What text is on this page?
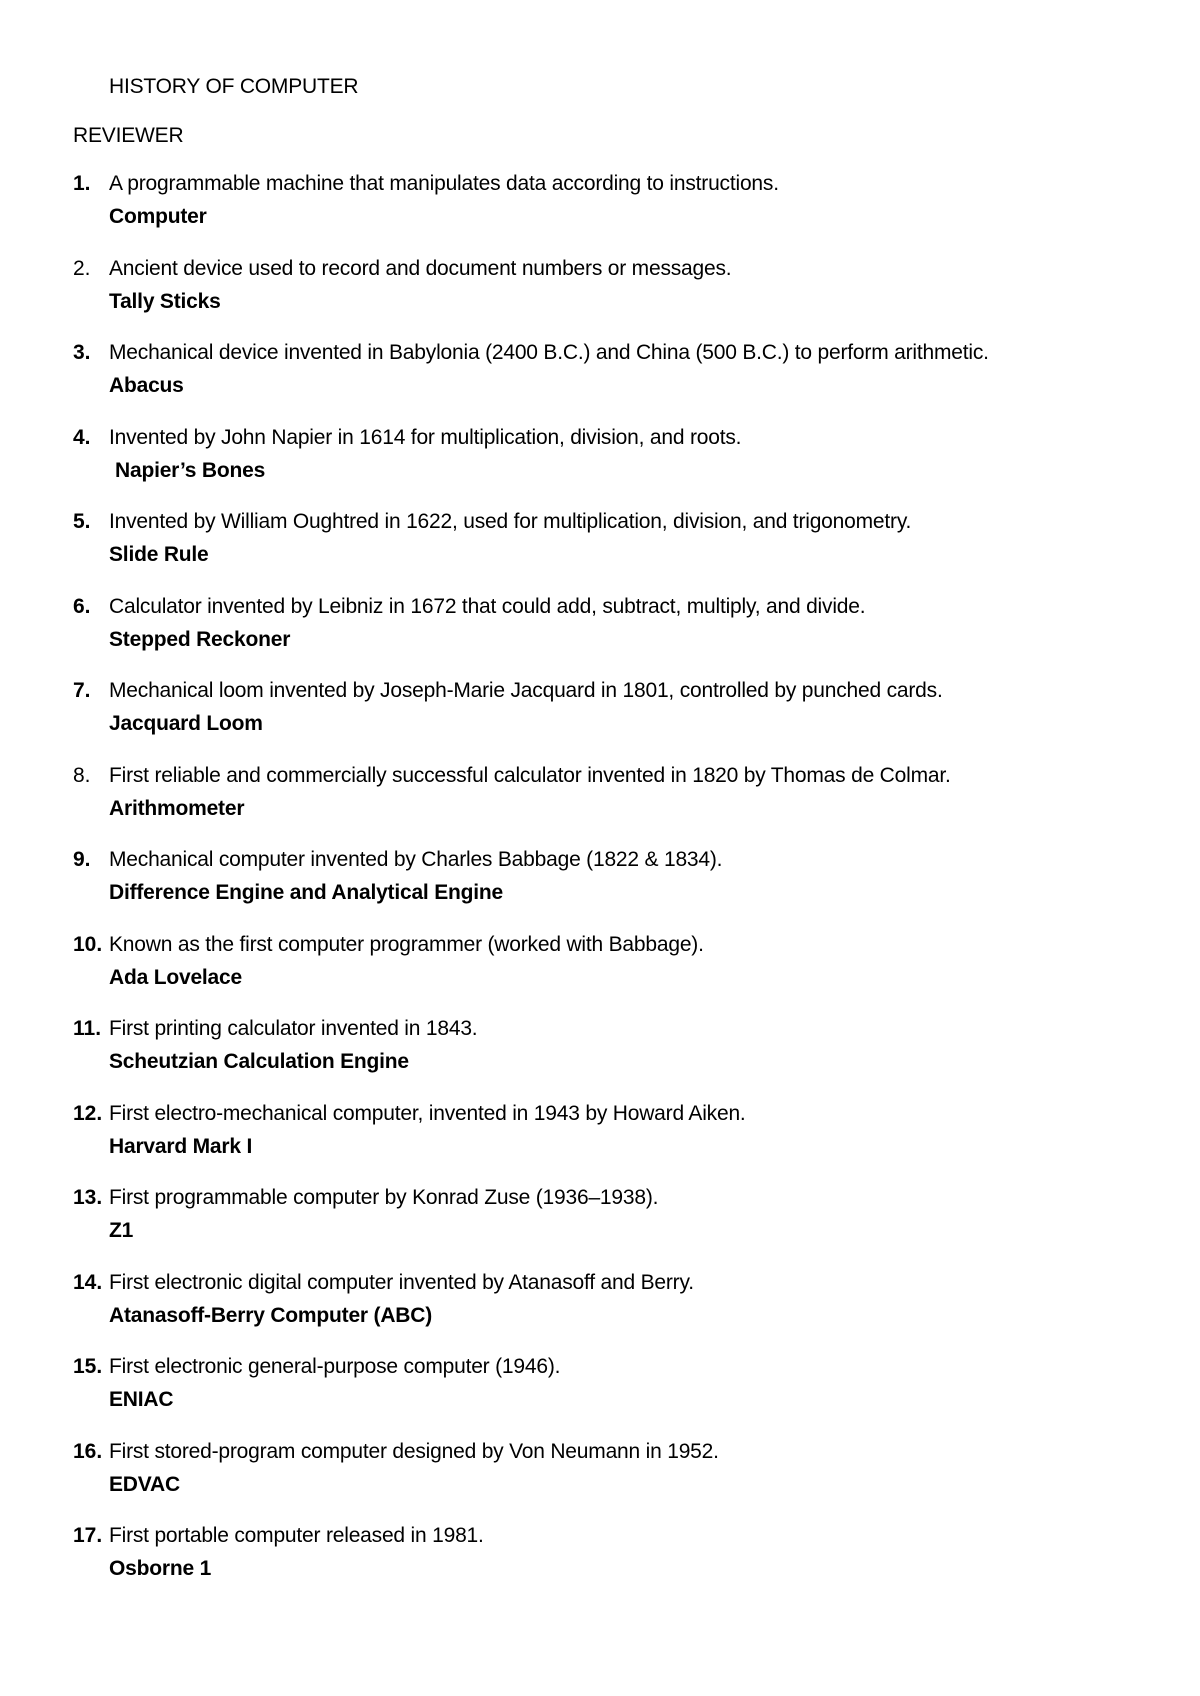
HISTORY OF COMPUTER
REVIEWER
1. A programmable machine that manipulates data according to instructions.
Computer
2. Ancient device used to record and document numbers or messages.
Tally Sticks
3. Mechanical device invented in Babylonia (2400 B.C.) and China (500 B.C.) to perform arithmetic.
Abacus
4. Invented by John Napier in 1614 for multiplication, division, and roots.
Napier’s Bones
5. Invented by William Oughtred in 1622, used for multiplication, division, and trigonometry.
Slide Rule
6. Calculator invented by Leibniz in 1672 that could add, subtract, multiply, and divide.
Stepped Reckoner
7. Mechanical loom invented by Joseph-Marie Jacquard in 1801, controlled by punched cards.
Jacquard Loom
8. First reliable and commercially successful calculator invented in 1820 by Thomas de Colmar.
Arithmometer
9. Mechanical computer invented by Charles Babbage (1822 & 1834).
Difference Engine and Analytical Engine
10. Known as the first computer programmer (worked with Babbage).
Ada Lovelace
11. First printing calculator invented in 1843.
Scheutzian Calculation Engine
12. First electro-mechanical computer, invented in 1943 by Howard Aiken.
Harvard Mark I
13. First programmable computer by Konrad Zuse (1936–1938).
Z1
14. First electronic digital computer invented by Atanasoff and Berry.
Atanasoff-Berry Computer (ABC)
15. First electronic general-purpose computer (1946).
ENIAC
16. First stored-program computer designed by Von Neumann in 1952.
EDVAC
17. First portable computer released in 1981.
Osborne 1
